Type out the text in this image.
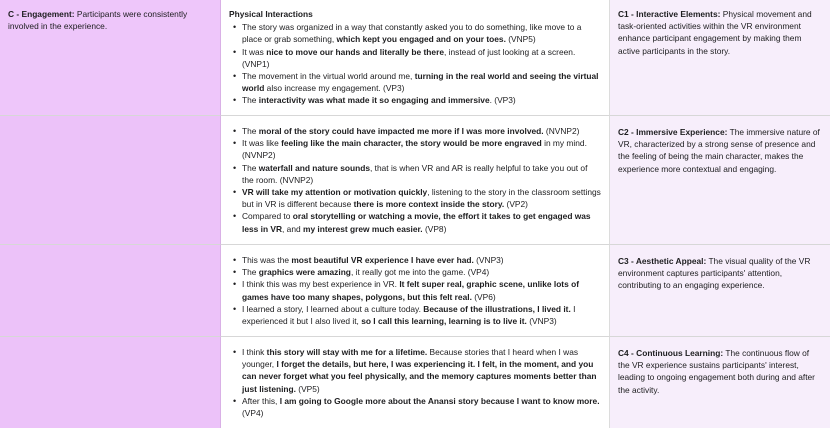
C - Engagement: Participants were consistently involved in the experience.
Physical Interactions
• The story was organized in a way that constantly asked you to do something, like move to a place or grab something, which kept you engaged and on your toes. (VNP5)
• It was nice to move our hands and literally be there, instead of just looking at a screen. (VNP1)
• The movement in the virtual world around me, turning in the real world and seeing the virtual world also increase my engagement. (VP3)
• The interactivity was what made it so engaging and immersive. (VP3)
C1 - Interactive Elements: Physical movement and task-oriented activities within the VR environment enhance participant engagement by making them active participants in the story.
• The moral of the story could have impacted me more if I was more involved. (NVNP2)
• It was like feeling like the main character, the story would be more engraved in my mind. (NVNP2)
• The waterfall and nature sounds, that is when VR and AR is really helpful to take you out of the room. (NVNP2)
• VR will take my attention or motivation quickly, listening to the story in the classroom settings but in VR is different because there is more context inside the story. (VP2)
• Compared to oral storytelling or watching a movie, the effort it takes to get engaged was less in VR, and my interest grew much easier. (VP8)
C2 - Immersive Experience: The immersive nature of VR, characterized by a strong sense of presence and the feeling of being the main character, makes the experience more contextual and engaging.
• This was the most beautiful VR experience I have ever had. (VNP3)
• The graphics were amazing, it really got me into the game. (VP4)
• I think this was my best experience in VR. It felt super real, graphic scene, unlike lots of games have too many shapes, polygons, but this felt real. (VP6)
• I learned a story, I learned about a culture today. Because of the illustrations, I lived it. I experienced it but I also lived it, so I call this learning, learning is to live it. (VNP3)
C3 - Aesthetic Appeal: The visual quality of the VR environment captures participants' attention, contributing to an engaging experience.
• I think this story will stay with me for a lifetime. Because stories that I heard when I was younger, I forget the details, but here, I was experiencing it. I felt, in the moment, and you can never forget what you feel physically, and the memory captures moments better than just listening. (VP5)
• After this, I am going to Google more about the Anansi story because I want to know more. (VP4)
C4 - Continuous Learning: The continuous flow of the VR experience sustains participants' interest, leading to ongoing engagement both during and after the activity.
